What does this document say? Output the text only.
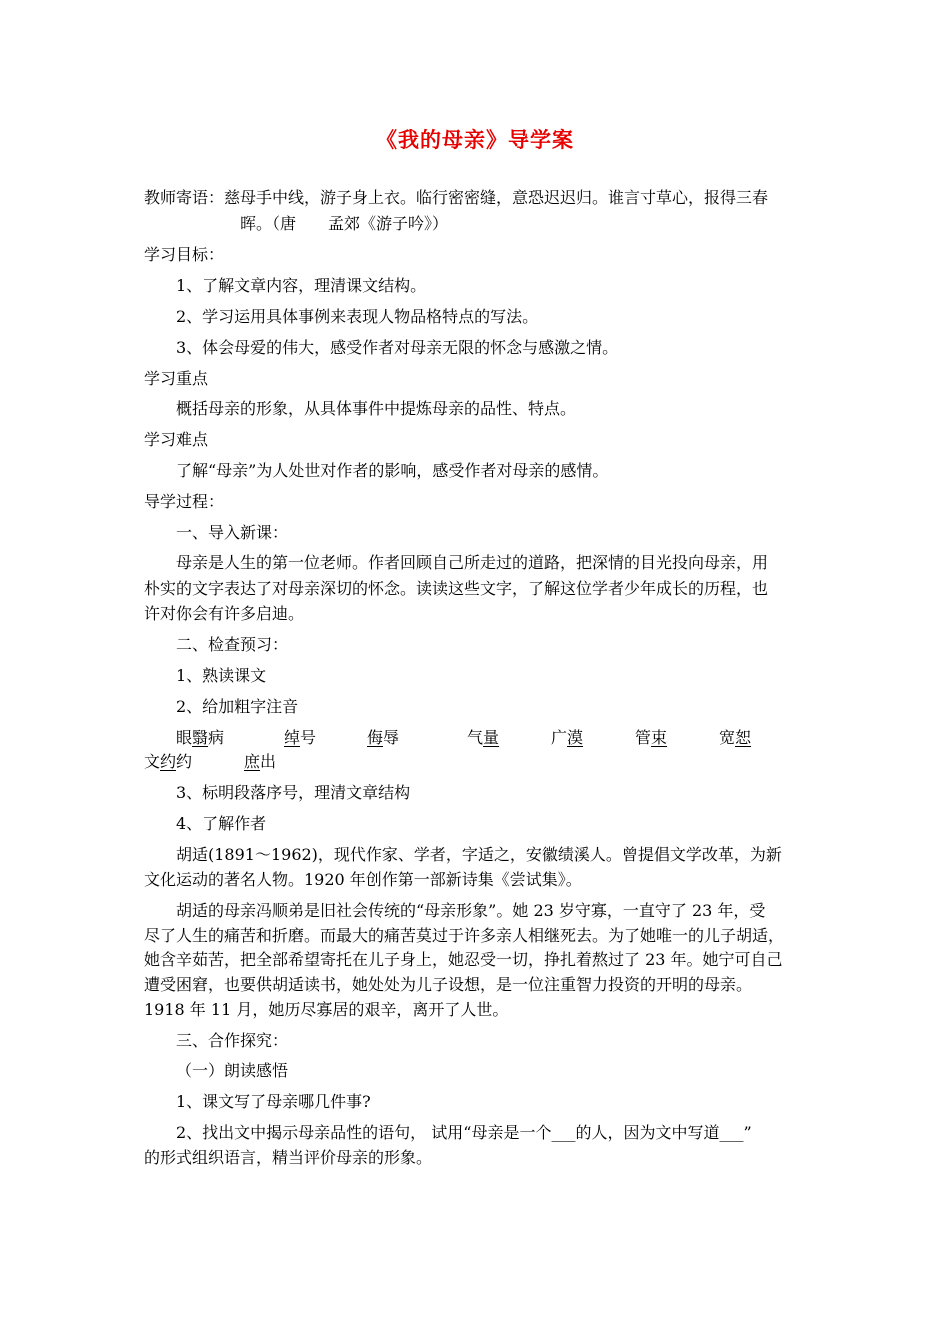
《我的母亲》导学案
教师寄语：慈母手中线，游子身上衣。临行密密缝，意恐迟迟归。谁言寸草心，报得三春
晖。（唐　　孟郊《游子吟》）
学习目标：
1、了解文章内容，理清课文结构。
2、学习运用具体事例来表现人物品格特点的写法。
3、体会母爱的伟大，感受作者对母亲无限的怀念与感激之情。
学习重点
概括母亲的形象，从具体事件中提炼母亲的品性、特点。
学习难点
了解“母亲”为人处世对作者的影响，感受作者对母亲的感情。
导学过程：
一、导入新课：
母亲是人生的第一位老师。作者回顾自己所走过的道路，把深情的目光投向母亲，用
朴实的文字表达了对母亲深切的怀念。读读这些文字，了解这位学者少年成长的历程，也
许对你会有许多启迪。
二、检查预习：
1、熟读课文
2、给加粗字注音
眼翳病	绰号	侮辱	气量	广漠	管束	宽恕
文约约	庶出
3、标明段落序号，理清文章结构
4、了解作者
胡适(1891～1962)，现代作家、学者，字适之，安徽绩溪人。曾提倡文学改革，为新
文化运动的著名人物。1920 年创作第一部新诗集《尝试集》。
胡适的母亲冯顺弟是旧社会传统的“母亲形象”。她 23 岁守寡，一直守了 23 年，受
尽了人生的痛苦和折磨。而最大的痛苦莫过于许多亲人相继死去。为了她唯一的儿子胡适，
她含辛茹苦，把全部希望寄托在儿子身上，她忍受一切，挣扎着熬过了 23 年。她宁可自己
遭受困窘，也要供胡适读书，她处处为儿子设想，是一位注重智力投资的开明的母亲。
1918 年 11 月，她历尽寡居的艰辛，离开了人世。
三、合作探究：
（一）朗读感悟
1、课文写了母亲哪几件事?
2、找出文中揭示母亲品性的语句， 试用“母亲是一个___的人，因为文中写道___”
的形式组织语言，精当评价母亲的形象。
